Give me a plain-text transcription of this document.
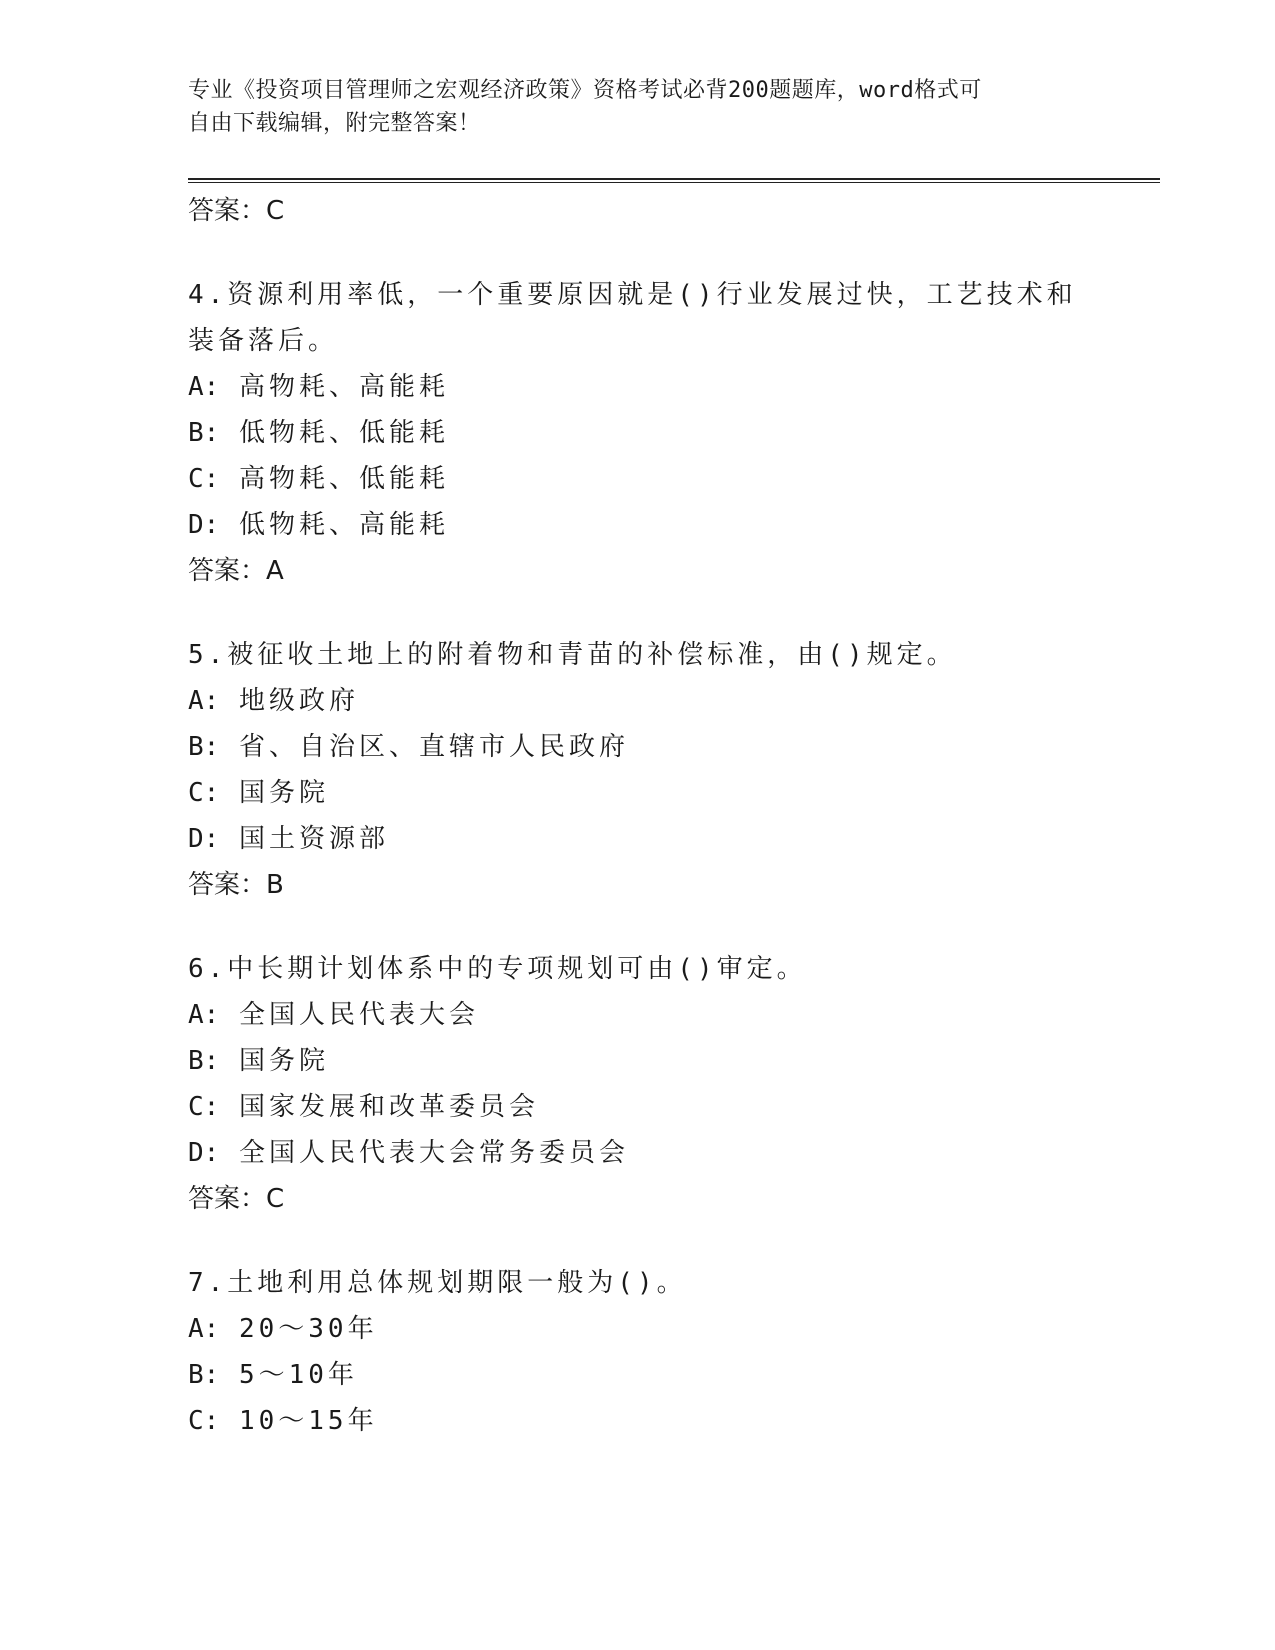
专业《投资项目管理师之宏观经济政策》资格考试必背200题题库，word格式可
自由下载编辑，附完整答案！
答案：C
4.资源利用率低，一个重要原因就是()行业发展过快，工艺技术和装备落后。
A: 高物耗、高能耗
B: 低物耗、低能耗
C: 高物耗、低能耗
D: 低物耗、高能耗
答案：A
5.被征收土地上的附着物和青苗的补偿标准，由()规定。
A: 地级政府
B: 省、自治区、直辖市人民政府
C: 国务院
D: 国土资源部
答案：B
6.中长期计划体系中的专项规划可由()审定。
A: 全国人民代表大会
B: 国务院
C: 国家发展和改革委员会
D: 全国人民代表大会常务委员会
答案：C
7.土地利用总体规划期限一般为()。
A: 20～30年
B: 5～10年
C: 10～15年
